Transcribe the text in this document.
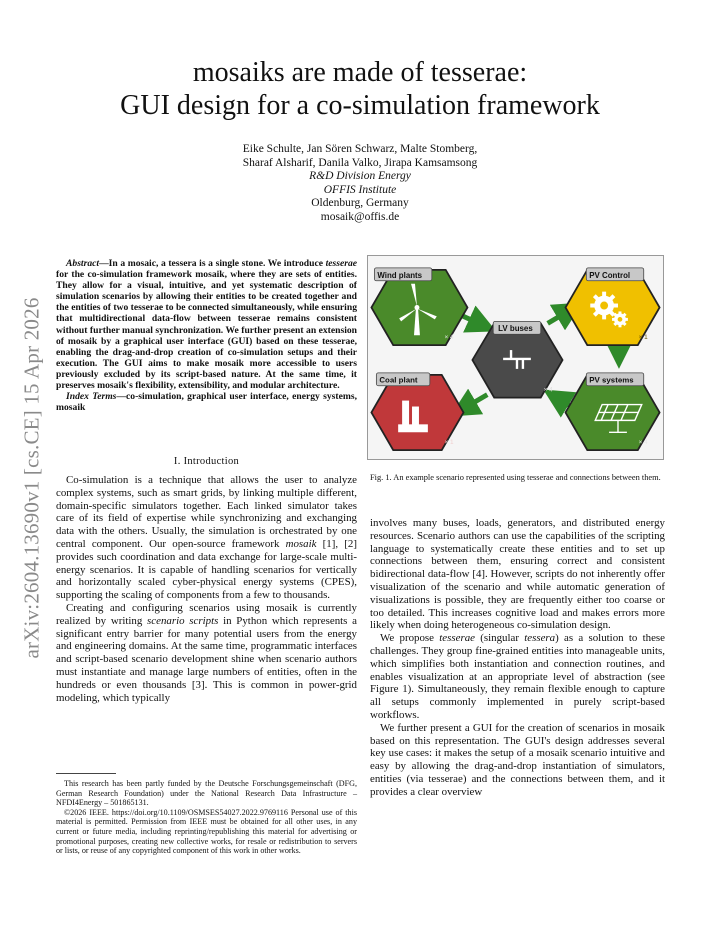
arXiv:2604.13690v1 [cs.CE] 15 Apr 2026
mosaiks are made of tesserae:
GUI design for a co-simulation framework
Eike Schulte, Jan Sören Schwarz, Malte Stomberg,
Sharaf Alsharif, Danila Valko, Jirapa Kamsamsong
R&D Division Energy
OFFIS Institute
Oldenburg, Germany
mosaik@offis.de

Abstract—In a mosaic, a tessera is a single stone. We introduce tesserae for the co-simulation framework mosaik, where they are sets of entities. They allow for a visual, intuitive, and yet systematic description of simulation scenarios by allowing their entities to be created together and the entities of two tesserae to be connected simultaneously, while ensuring that multidirectional data-flow between tesserae remains consistent without further manual synchronization. We further present an extension of mosaik by a graphical user interface (GUI) based on these tesserae, enabling the drag-and-drop creation of co-simulation setups and their execution. The GUI aims to make mosaik more accessible to users previously excluded by its script-based nature. At the same time, it preserves mosaik's flexibility, extensibility, and modular architecture.

Index Terms—co-simulation, graphical user interface, energy systems, mosaik

I. Introduction

Co-simulation is a technique that allows the user to analyze complex systems, such as smart grids, by linking multiple different, domain-specific simulators together. Each linked simulator takes care of its field of expertise while synchronizing and exchanging data with the others. Usually, the simulation is orchestrated by one central component. Our open-source framework mosaik [1], [2] provides such coordination and data exchange for large-scale multi-energy scenarios. It is capable of handling scenarios for vertically and horizontally scaled cyber-physical energy systems (CPES), supporting the scaling of components from a few to thousands.

Creating and configuring scenarios using mosaik is currently realized by writing scenario scripts in Python which represents a significant entry barrier for many potential users from the energy and engineering domains. At the same time, programmatic interfaces and script-based scenario development shine when scenario authors must instantiate and manage large numbers of entities, often in the hundreds or even thousands [3]. This is common in power-grid modeling, which typically

This research has been partly funded by the Deutsche Forschungsgemeinschaft (DFG, German Research Foundation) under the National Research Data Infrastructure – NFDI4Energy – 501865131.

©2026 IEEE. https://doi.org/10.1109/OSMSES54027.2022.9769116 Personal use of this material is permitted. Permission from IEEE must be obtained for all other uses, in any current or future media, including reprinting/republishing this material for advertising or promotional purposes, creating new collective works, for resale or redistribution to servers or lists, or reuse of any copyrighted component of this work in other works.

Wind plants
× 4
PV Control
× 1
LV buses
× 4
Coal plant
× 1
PV systems
× 4
Fig. 1. An example scenario represented using tesserae and connections between them.

involves many buses, loads, generators, and distributed energy resources. Scenario authors can use the capabilities of the scripting language to systematically create these entities and to set up connections between them, ensuring correct and consistent bidirectional data-flow [4]. However, scripts do not inherently offer visualization of the scenario and while automatic generation of visualizations is possible, they are frequently either too coarse or too detailed. This increases cognitive load and makes errors more likely when doing heterogeneous co-simulation design.

We propose tesserae (singular tessera) as a solution to these challenges. They group fine-grained entities into manageable units, which simplifies both instantiation and connection routines, and enables visualization at an appropriate level of abstraction (see Figure 1). Simultaneously, they remain flexible enough to capture all setups commonly implemented in purely script-based workflows.

We further present a GUI for the creation of scenarios in mosaik based on this representation. The GUI's design addresses several key use cases: it makes the setup of a mosaik scenario intuitive and easy by allowing the drag-and-drop instantiation of simulators, entities (via tesserae) and the connections between them, and it provides a clear overview
